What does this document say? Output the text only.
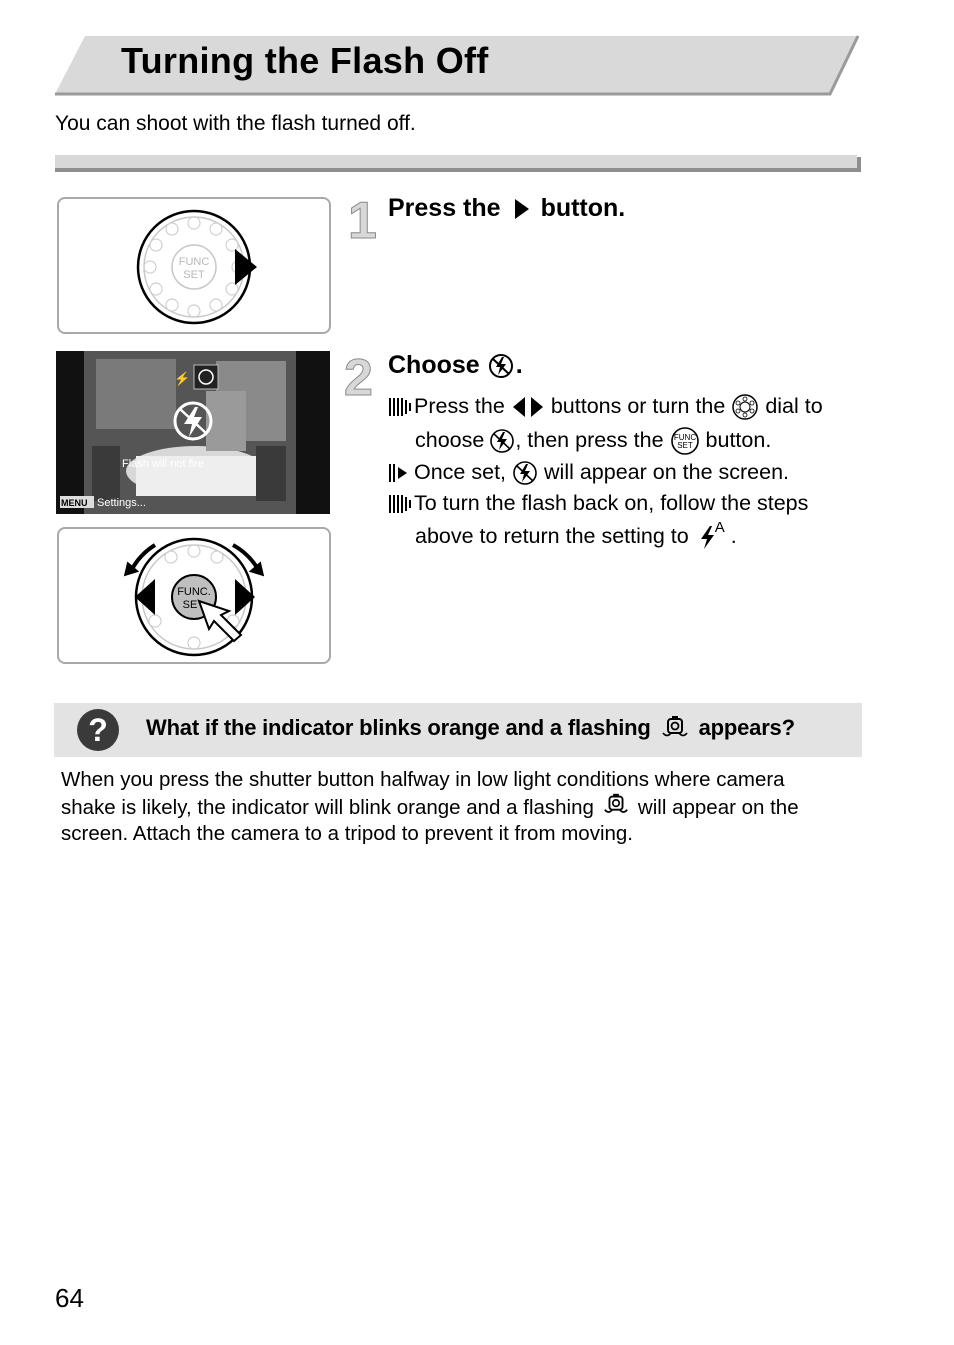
Turning the Flash Off
You can shoot with the flash turned off.
FUNC
SET
1 Press the button.
⚡
Flash will not fire
MENU Settings...
FUNC.
SE
2 Choose .
Press the buttons or turn the dial to
choose , then press the FUNC
SET button.
Once set, will appear on the screen.
To turn the flash back on, follow the steps
above to return the setting to A .
? What if the indicator blinks orange and a flashing appears?
When you press the shutter button halfway in low light conditions where camera
shake is likely, the indicator will blink orange and a flashing will appear on the
screen. Attach the camera to a tripod to prevent it from moving.
64
